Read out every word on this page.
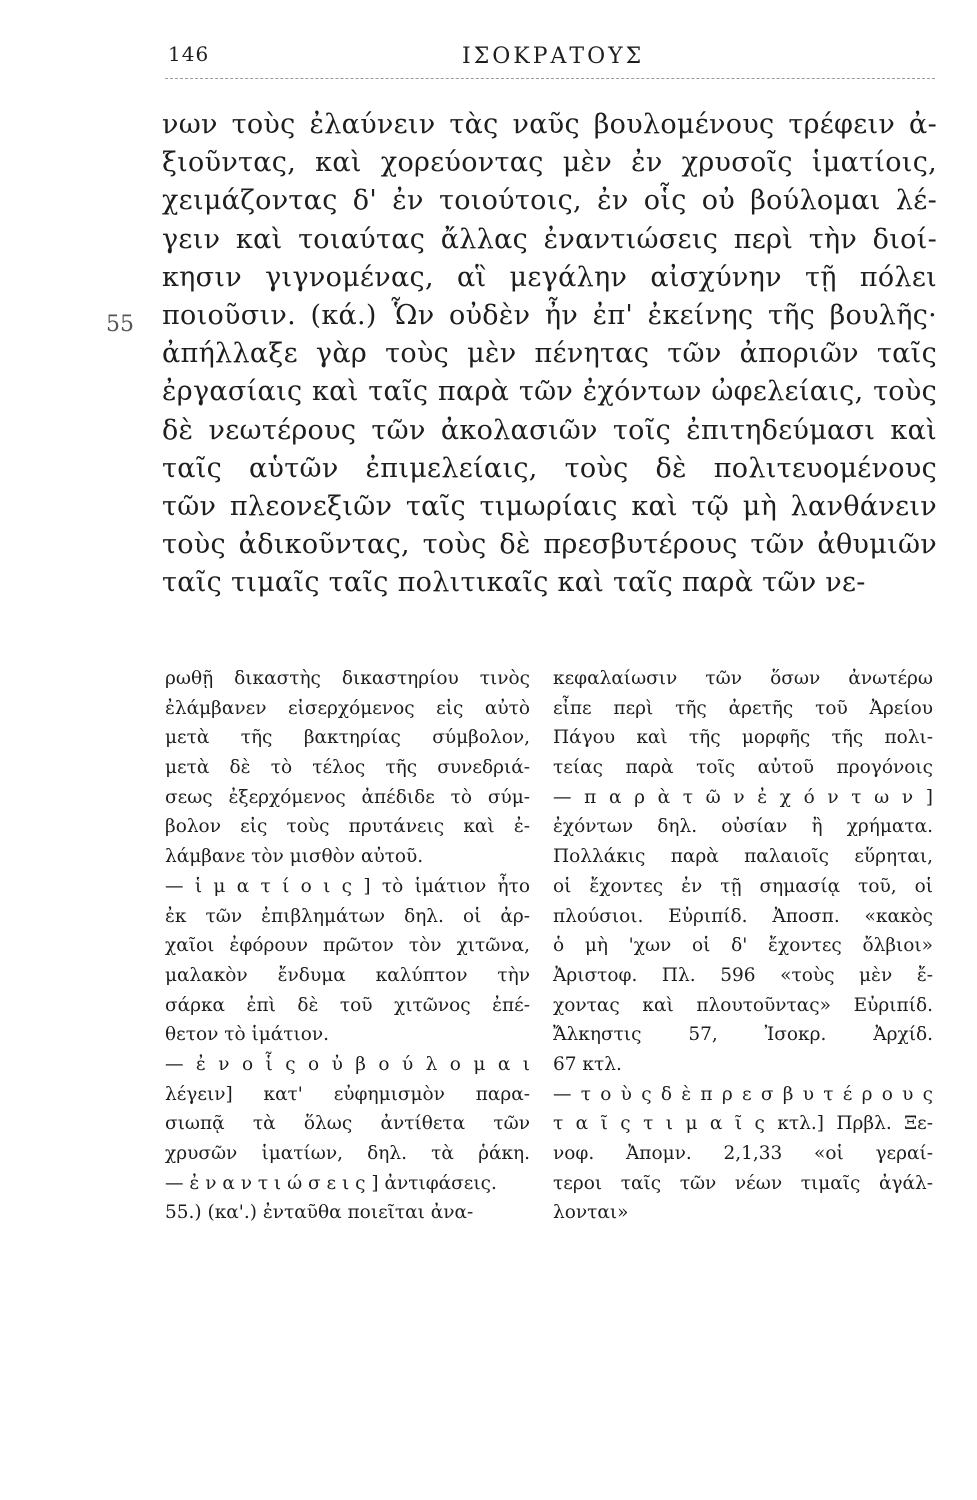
146	ΙΣΟΚΡΑΤΟΥΣ
55
νων τοὺς ἐλαύνειν τὰς ναῦς βουλομένους τρέφειν ἀ-
ξιοῦντας, καὶ χορεύοντας μὲν ἐν χρυσοῖς ἱματίοις,
χειμάζοντας δ' ἐν τοιούτοις, ἐν οἷς οὐ βούλομαι λέ-
γειν καὶ τοιαύτας ἄλλας ἐναντιώσεις περὶ τὴν διοί-
κησιν γιγνομένας, αἳ μεγάλην αἰσχύνην τῇ πόλει
ποιοῦσιν. (κά.) Ὧν οὐδὲν ἦν ἐπ' ἐκείνης τῆς βουλῆς·
ἀπήλλαξε γὰρ τοὺς μὲν πένητας τῶν ἀποριῶν ταῖς
ἐργασίαις καὶ ταῖς παρὰ τῶν ἐχόντων ὠφελείαις, τοὺς
δὲ νεωτέρους τῶν ἀκολασιῶν τοῖς ἐπιτηδεύμασι καὶ
ταῖς αὑτῶν ἐπιμελείαις, τοὺς δὲ πολιτευομένους
τῶν πλεονεξιῶν ταῖς τιμωρίαις καὶ τῷ μὴ λανθάνειν
τοὺς ἀδικοῦντας, τοὺς δὲ πρεσβυτέρους τῶν ἀθυμιῶν
ταῖς τιμαῖς ταῖς πολιτικαῖς καὶ ταῖς παρὰ τῶν νε-
ρωθῇ δικαστὴς δικαστηρίου τινὸς
ἐλάμβανεν εἰσερχόμενος εἰς αὐτὸ
μετὰ τῆς βακτηρίας σύμβολον,
μετὰ δὲ τὸ τέλος τῆς συνεδριά-
σεως ἐξερχόμενος ἀπέδιδε τὸ σύμ-
βολον εἰς τοὺς πρυτάνεις καὶ ἐ-
λάμβανε τὸν μισθὸν αὐτοῦ.
— ἱ μ α τ ί ο ι ς ] τὸ ἱμάτιον ἦτο
ἐκ τῶν ἐπιβλημάτων δηλ. οἱ ἀρ-
χαῖοι ἐφόρουν πρῶτον τὸν χιτῶνα,
μαλακὸν ἔνδυμα καλύπτον τὴν
σάρκα ἐπὶ δὲ τοῦ χιτῶνος ἐπέ-
θετον τὸ ἱμάτιον.
— ἐ ν ο ἷ ς ο ὐ β ο ύ λ ο μ α ι
λέγειν] κατ' εὐφημισμὸν παρα-
σιωπᾷ τὰ ὅλως ἀντίθετα τῶν
χρυσῶν ἱματίων, δηλ. τὰ ῥάκη.
— ἐ ν α ν τ ι ώ σ ε ι ς ] ἀντιφάσεις.
55.) (κα'.) ἐνταῦθα ποιεῖται ἀνα-
κεφαλαίωσιν τῶν ὅσων ἀνωτέρω
εἶπε περὶ τῆς ἀρετῆς τοῦ Ἀρείου
Πάγου καὶ τῆς μορφῆς τῆς πολι-
τείας παρὰ τοῖς αὐτοῦ προγόνοις
— π α ρ ὰ τ ῶ ν ἐ χ ό ν τ ω ν ]
ἐχόντων δηλ. οὐσίαν ἢ χρήματα.
Πολλάκις παρὰ παλαιοῖς εὕρηται,
οἱ ἔχοντες ἐν τῇ σημασίᾳ τοῦ, οἱ
πλούσιοι. Εὐριπίδ. Ἀποσπ. «κακὸς
ὁ μὴ 'χων οἱ δ' ἔχοντες ὄλβιοι»
Ἀριστοφ. Πλ. 596 «τοὺς μὲν ἔ-
χοντας καὶ πλουτοῦντας» Εὐριπίδ.
Ἄλκηστις 57, Ἰσοκρ. Ἀρχίδ.
67 κτλ.
— τ ο ὺ ς δ ὲ π ρ ε σ β υ τ έ ρ ο υ ς
τ α ῖ ς τ ι μ α ῖ ς κτλ.] Πρβλ. Ξε-
νοφ. Ἀπομν. 2,1,33 «οἱ γεραί-
τεροι ταῖς τῶν νέων τιμαῖς ἀγάλ-
λονται»
